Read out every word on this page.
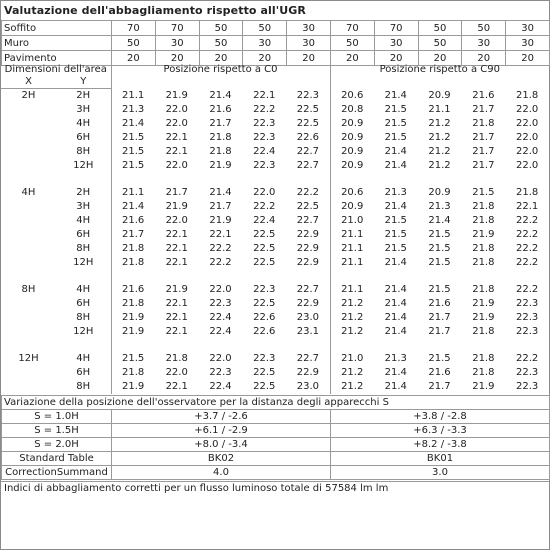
Valutazione dell'abbagliamento rispetto all'UGR
Soffito	70	70	50	50	30	70	70	50	50	30
Muro	50	30	50	30	30	50	30	50	30	30
Pavimento	20	20	20	20	20	20	20	20	20	20
Dimensioni dell'area		Posizione rispetto a C0					Posizione rispetto a C90				
X	Y										
2H	2H	21.1	21.9	21.4	22.1	22.3	20.6	21.4	20.9	21.6	21.8
	3H	21.3	22.0	21.6	22.2	22.5	20.8	21.5	21.1	21.7	22.0
	4H	21.4	22.0	21.7	22.3	22.5	20.9	21.5	21.2	21.8	22.0
	6H	21.5	22.1	21.8	22.3	22.6	20.9	21.5	21.2	21.7	22.0
	8H	21.5	22.1	21.8	22.4	22.7	20.9	21.4	21.2	21.7	22.0
	12H	21.5	22.0	21.9	22.3	22.7	20.9	21.4	21.2	21.7	22.0

4H	2H	21.1	21.7	21.4	22.0	22.2	20.6	21.3	20.9	21.5	21.8
	3H	21.4	21.9	21.7	22.2	22.5	20.9	21.4	21.3	21.8	22.1
	4H	21.6	22.0	21.9	22.4	22.7	21.0	21.5	21.4	21.8	22.2
	6H	21.7	22.1	22.1	22.5	22.9	21.1	21.5	21.5	21.9	22.2
	8H	21.8	22.1	22.2	22.5	22.9	21.1	21.5	21.5	21.8	22.2
	12H	21.8	22.1	22.2	22.5	22.9	21.1	21.4	21.5	21.8	22.2

8H	4H	21.6	21.9	22.0	22.3	22.7	21.1	21.4	21.5	21.8	22.2
	6H	21.8	22.1	22.3	22.5	22.9	21.2	21.4	21.6	21.9	22.3
	8H	21.9	22.1	22.4	22.6	23.0	21.2	21.4	21.7	21.9	22.3
	12H	21.9	22.1	22.4	22.6	23.1	21.2	21.4	21.7	21.8	22.3

12H	4H	21.5	21.8	22.0	22.3	22.7	21.0	21.3	21.5	21.8	22.2
	6H	21.8	22.0	22.3	22.5	22.9	21.2	21.4	21.6	21.8	22.3
	8H	21.9	22.1	22.4	22.5	23.0	21.2	21.4	21.7	21.9	22.3
Variazione della posizione dell'osservatore per la distanza degli apparecchi S		
S = 1.0H	+3.7 / -2.6	+3.8 / -2.8
S = 1.5H	+6.1 / -2.9	+6.3 / -3.3
S = 2.0H	+8.0 / -3.4	+8.2 / -3.8
Standard Table	BK02	BK01
CorrectionSummand	4.0	3.0
Indici di abbagliamento corretti per un flusso luminoso totale di 57584 lm lm
